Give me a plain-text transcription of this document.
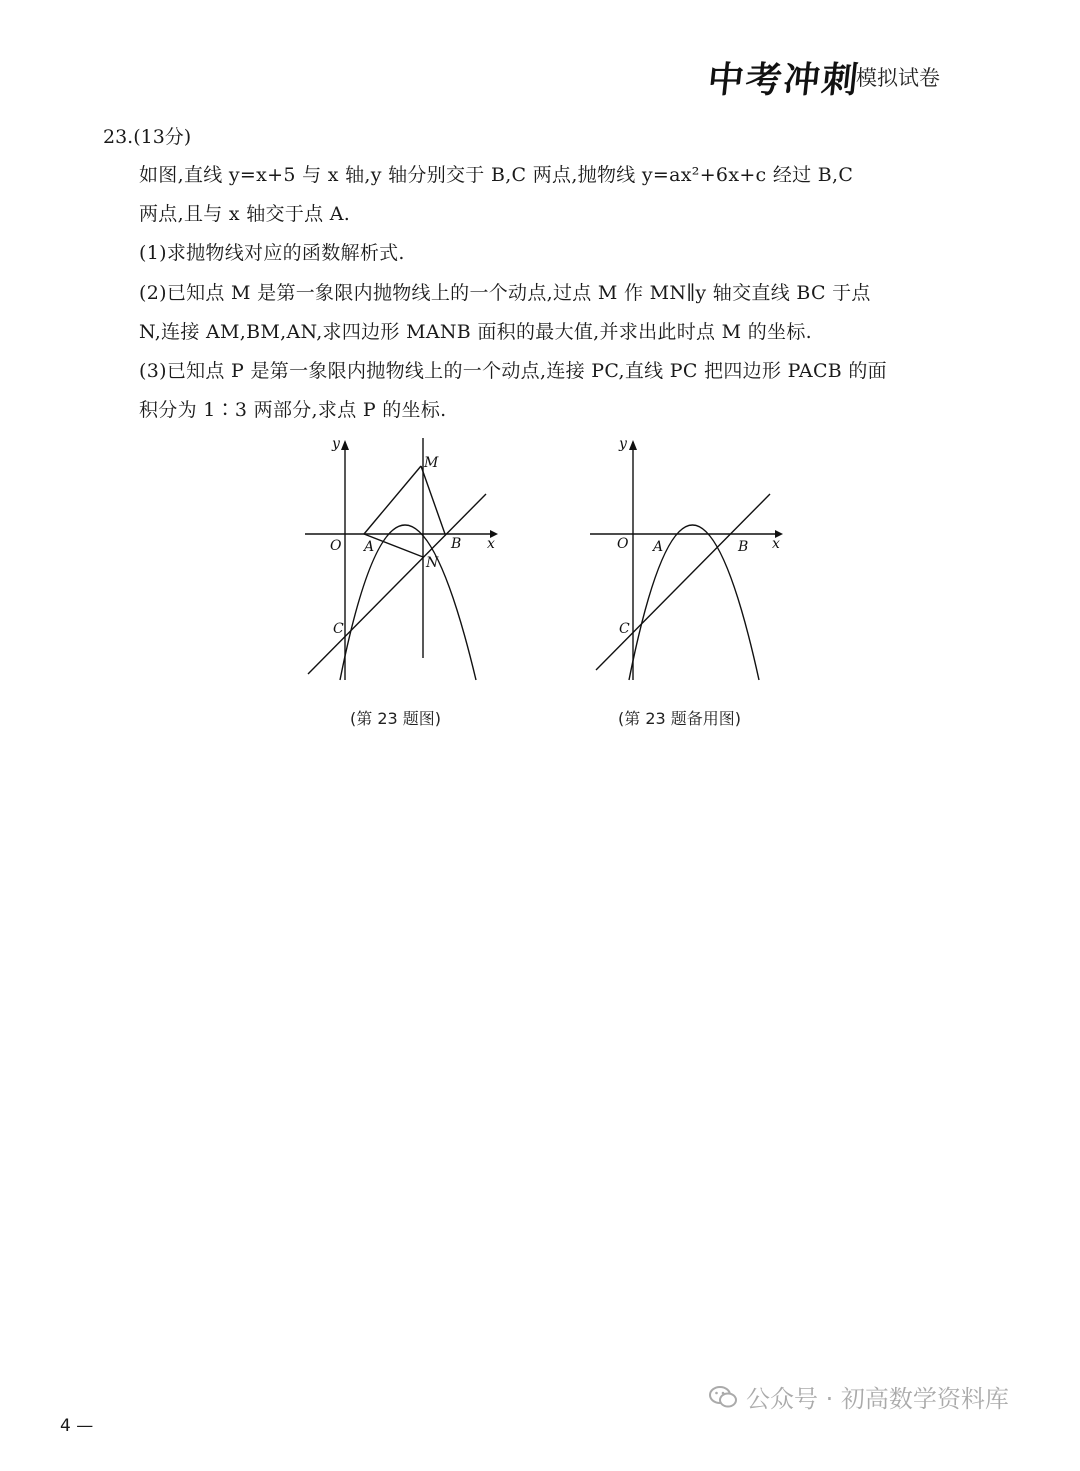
中考冲刺
模拟试卷
23.(13分)
如图,直线 y=x+5 与 x 轴,y 轴分别交于 B,C 两点,抛物线 y=ax²+6x+c 经过 B,C
两点,且与 x 轴交于点 A.
(1)求抛物线对应的函数解析式.
(2)已知点 M 是第一象限内抛物线上的一个动点,过点 M 作 MN∥y 轴交直线 BC 于点
N,连接 AM,BM,AN,求四边形 MANB 面积的最大值,并求出此时点 M 的坐标.
(3)已知点 P 是第一象限内抛物线上的一个动点,连接 PC,直线 PC 把四边形 PACB 的面
积分为 1∶3 两部分,求点 P 的坐标.
y
x
O A	B
C
M
N
(第 23 题图)
y
x
O A	B
C
(第 23 题备用图)
4 —
公众号 · 初高数学资料库
